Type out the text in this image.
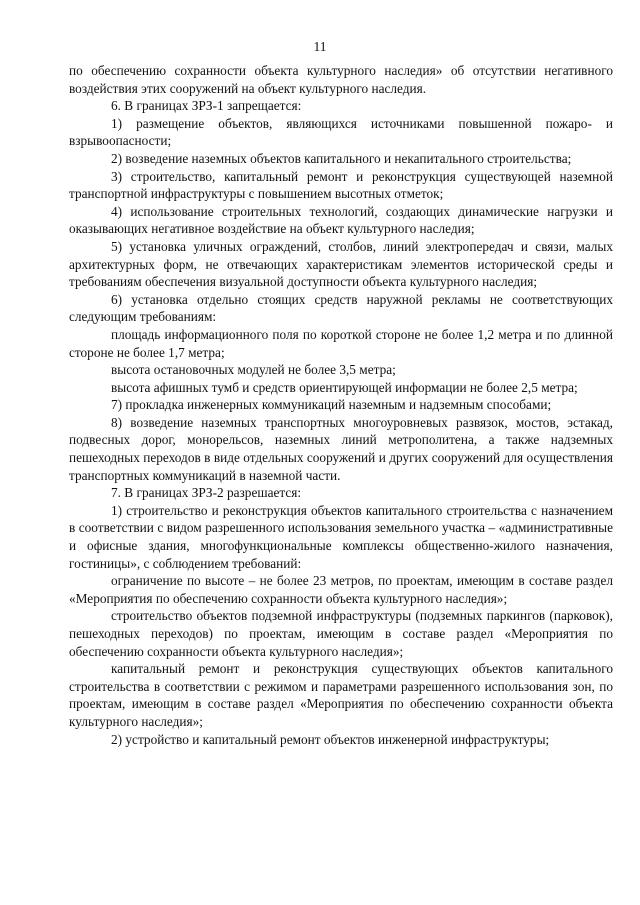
11

по обеспечению сохранности объекта культурного наследия» об отсутствии негативного воздействия этих сооружений на объект культурного наследия.

6. В границах ЗРЗ-1 запрещается:

1) размещение объектов, являющихся источниками повышенной пожаро- и взрывоопасности;

2) возведение наземных объектов капитального и некапитального строительства;

3) строительство, капитальный ремонт и реконструкция существующей наземной транспортной инфраструктуры с повышением высотных отметок;

4) использование строительных технологий, создающих динамические нагрузки и оказывающих негативное воздействие на объект культурного наследия;

5) установка уличных ограждений, столбов, линий электропередач и связи, малых архитектурных форм, не отвечающих характеристикам элементов исторической среды и требованиям обеспечения визуальной доступности объекта культурного наследия;

6) установка отдельно стоящих средств наружной рекламы не соответствующих следующим требованиям:

площадь информационного поля по короткой стороне не более 1,2 метра и по длинной стороне не более 1,7 метра;

высота остановочных модулей не более 3,5 метра;

высота афишных тумб и средств ориентирующей информации не более 2,5 метра;

7) прокладка инженерных коммуникаций наземным и надземным способами;

8) возведение наземных транспортных многоуровневых развязок, мостов, эстакад, подвесных дорог, монорельсов, наземных линий метрополитена, а также надземных пешеходных переходов в виде отдельных сооружений и других сооружений для осуществления транспортных коммуникаций в наземной части.

7. В границах ЗРЗ-2 разрешается:

1) строительство и реконструкция объектов капитального строительства с назначением в соответствии с видом разрешенного использования земельного участка – «административные и офисные здания, многофункциональные комплексы общественно-жилого назначения, гостиницы», с соблюдением требований:

ограничение по высоте – не более 23 метров, по проектам, имеющим в составе раздел «Мероприятия по обеспечению сохранности объекта культурного наследия»;

строительство объектов подземной инфраструктуры (подземных паркингов (парковок), пешеходных переходов) по проектам, имеющим в составе раздел «Мероприятия по обеспечению сохранности объекта культурного наследия»;

капитальный ремонт и реконструкция существующих объектов капитального строительства в соответствии с режимом и параметрами разрешенного использования зон, по проектам, имеющим в составе раздел «Мероприятия по обеспечению сохранности объекта культурного наследия»;

2) устройство и капитальный ремонт объектов инженерной инфраструктуры;
